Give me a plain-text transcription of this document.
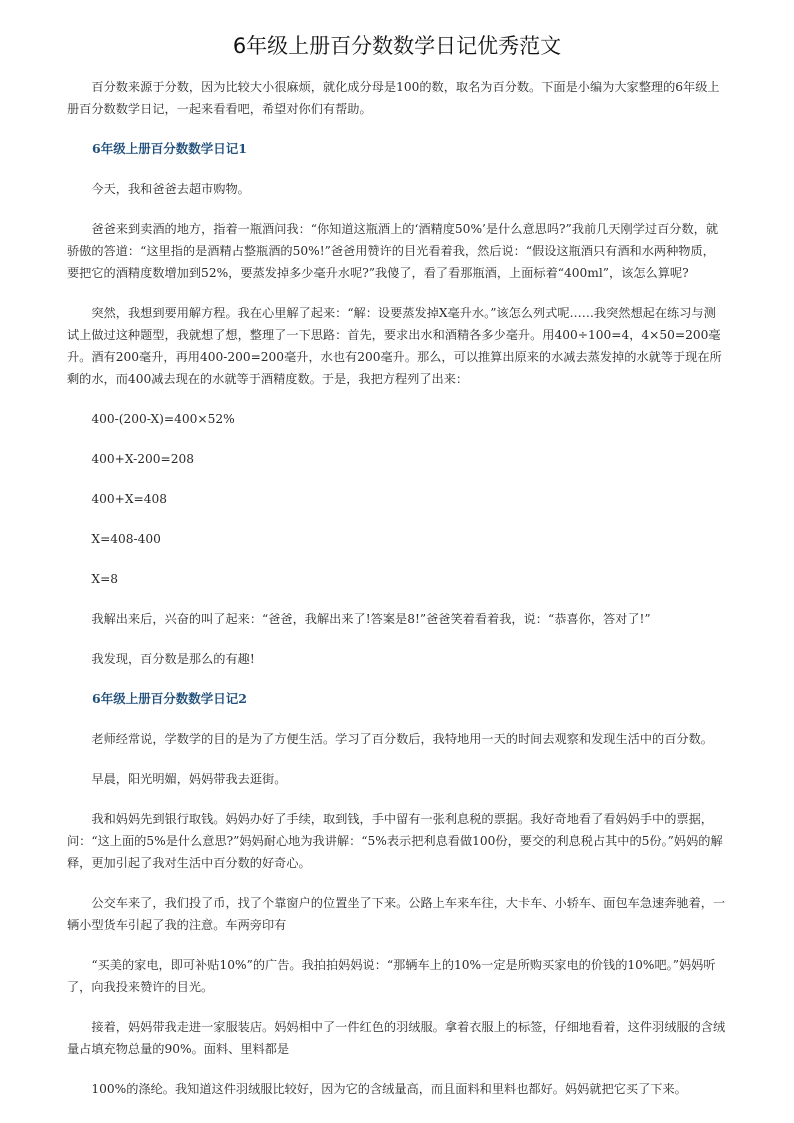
6年级上册百分数数学日记优秀范文

百分数来源于分数，因为比较大小很麻烦，就化成分母是100的数，取名为百分数。下面是小编为大家整理的6年级上册百分数数学日记，一起来看看吧，希望对你们有帮助。

6年级上册百分数数学日记1

今天，我和爸爸去超市购物。

爸爸来到卖酒的地方，指着一瓶酒问我：“你知道这瓶酒上的‘酒精度50%’是什么意思吗?”我前几天刚学过百分数，就骄傲的答道：“这里指的是酒精占整瓶酒的50%!”爸爸用赞许的目光看着我，然后说：“假设这瓶酒只有酒和水两种物质，要把它的酒精度数增加到52%，要蒸发掉多少毫升水呢?”我傻了，看了看那瓶酒，上面标着“400ml”，该怎么算呢?

突然，我想到要用解方程。我在心里解了起来：“解：设要蒸发掉X毫升水。”该怎么列式呢……我突然想起在练习与测试上做过这种题型，我就想了想，整理了一下思路：首先，要求出水和酒精各多少毫升。用400÷100=4，4×50=200毫升。酒有200毫升，再用400-200=200毫升，水也有200毫升。那么，可以推算出原来的水减去蒸发掉的水就等于现在所剩的水，而400减去现在的水就等于酒精度数。于是，我把方程列了出来：

400-(200-X)=400×52%

400+X-200=208

400+X=408

X=408-400

X=8

我解出来后，兴奋的叫了起来：“爸爸，我解出来了!答案是8!”爸爸笑着看着我，说：“恭喜你，答对了!”

我发现，百分数是那么的有趣!

6年级上册百分数数学日记2

老师经常说，学数学的目的是为了方便生活。学习了百分数后，我特地用一天的时间去观察和发现生活中的百分数。

早晨，阳光明媚，妈妈带我去逛街。

我和妈妈先到银行取钱。妈妈办好了手续，取到钱，手中留有一张利息税的票据。我好奇地看了看妈妈手中的票据，问：“这上面的5%是什么意思?”妈妈耐心地为我讲解：“5%表示把利息看做100份，要交的利息税占其中的5份。”妈妈的解释，更加引起了我对生活中百分数的好奇心。

公交车来了，我们投了币，找了个靠窗户的位置坐了下来。公路上车来车往，大卡车、小轿车、面包车急速奔驰着，一辆小型货车引起了我的注意。车两旁印有

“买美的家电，即可补贴10%”的广告。我拍拍妈妈说：“那辆车上的10%一定是所购买家电的价钱的10%吧。”妈妈听了，向我投来赞许的目光。

接着，妈妈带我走进一家服装店。妈妈相中了一件红色的羽绒服。拿着衣服上的标签，仔细地看着，这件羽绒服的含绒量占填充物总量的90%。面料、里料都是

100%的涤纶。我知道这件羽绒服比较好，因为它的含绒量高，而且面料和里料也都好。妈妈就把它买了下来。
